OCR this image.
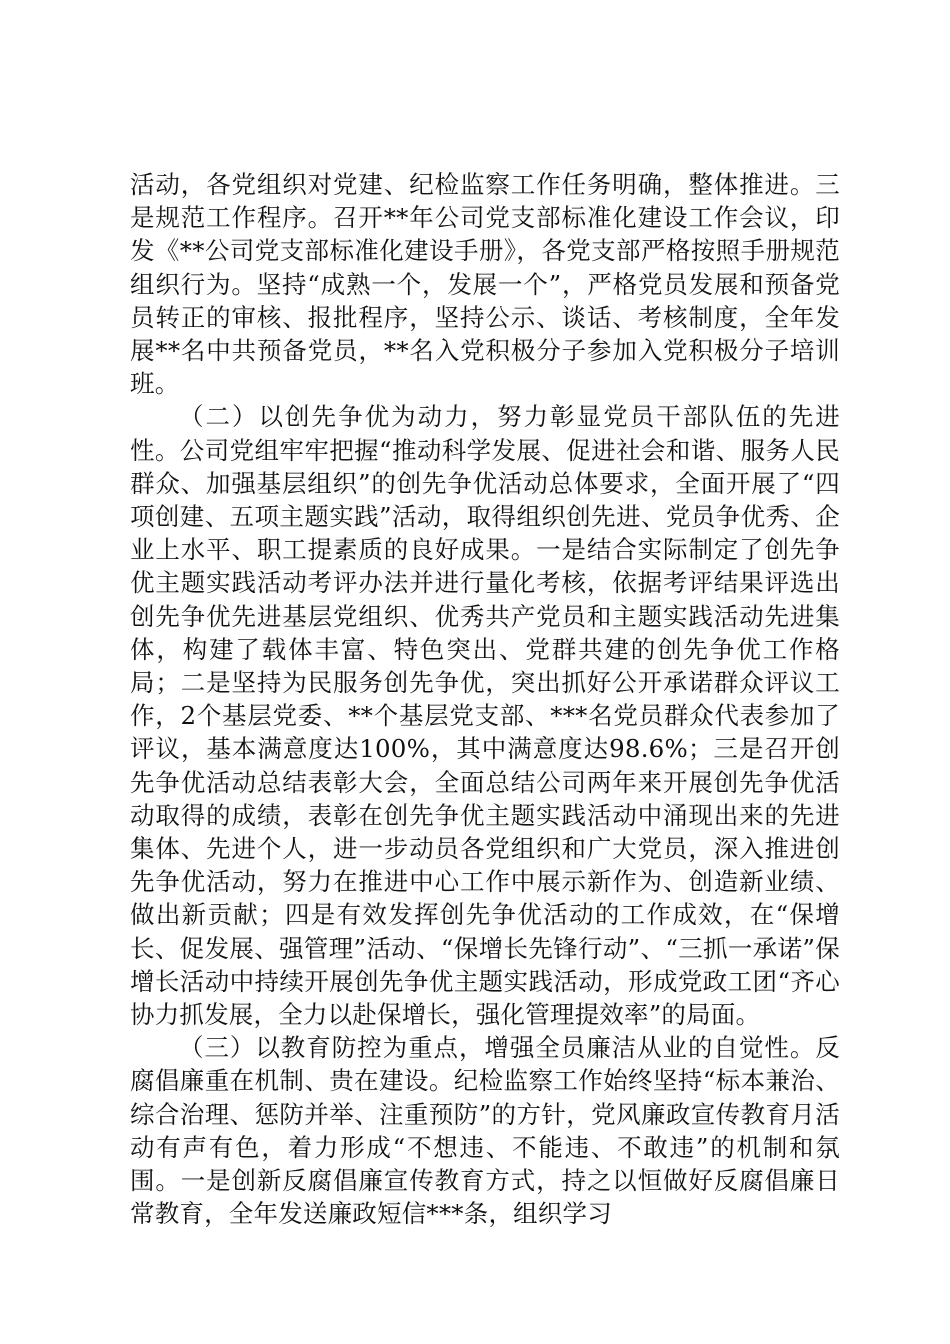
活动，各党组织对党建、纪检监察工作任务明确，整体推进。三是规范工作程序。召开**年公司党支部标准化建设工作会议，印发《**公司党支部标准化建设手册》，各党支部严格按照手册规范组织行为。坚持“成熟一个，发展一个”，严格党员发展和预备党员转正的审核、报批程序，坚持公示、谈话、考核制度，全年发展**名中共预备党员，**名入党积极分子参加入党积极分子培训班。

（二）以创先争优为动力，努力彰显党员干部队伍的先进性。公司党组牢牢把握“推动科学发展、促进社会和谐、服务人民群众、加强基层组织”的创先争优活动总体要求，全面开展了“四项创建、五项主题实践”活动，取得组织创先进、党员争优秀、企业上水平、职工提素质的良好成果。一是结合实际制定了创先争优主题实践活动考评办法并进行量化考核，依据考评结果评选出创先争优先进基层党组织、优秀共产党员和主题实践活动先进集体，构建了载体丰富、特色突出、党群共建的创先争优工作格局；二是坚持为民服务创先争优，突出抓好公开承诺群众评议工作，2个基层党委、**个基层党支部、***名党员群众代表参加了评议，基本满意度达100%，其中满意度达98.6%；三是召开创先争优活动总结表彰大会，全面总结公司两年来开展创先争优活动取得的成绩，表彰在创先争优主题实践活动中涌现出来的先进集体、先进个人，进一步动员各党组织和广大党员，深入推进创先争优活动，努力在推进中心工作中展示新作为、创造新业绩、做出新贡献；四是有效发挥创先争优活动的工作成效，在“保增长、促发展、强管理”活动、“保增长先锋行动”、“三抓一承诺”保增长活动中持续开展创先争优主题实践活动，形成党政工团“齐心协力抓发展，全力以赴保增长，强化管理提效率”的局面。

（三）以教育防控为重点，增强全员廉洁从业的自觉性。反腐倡廉重在机制、贵在建设。纪检监察工作始终坚持“标本兼治、综合治理、惩防并举、注重预防”的方针，党风廉政宣传教育月活动有声有色，着力形成“不想违、不能违、不敢违”的机制和氛围。一是创新反腐倡廉宣传教育方式，持之以恒做好反腐倡廉日常教育，全年发送廉政短信***条，组织学习
